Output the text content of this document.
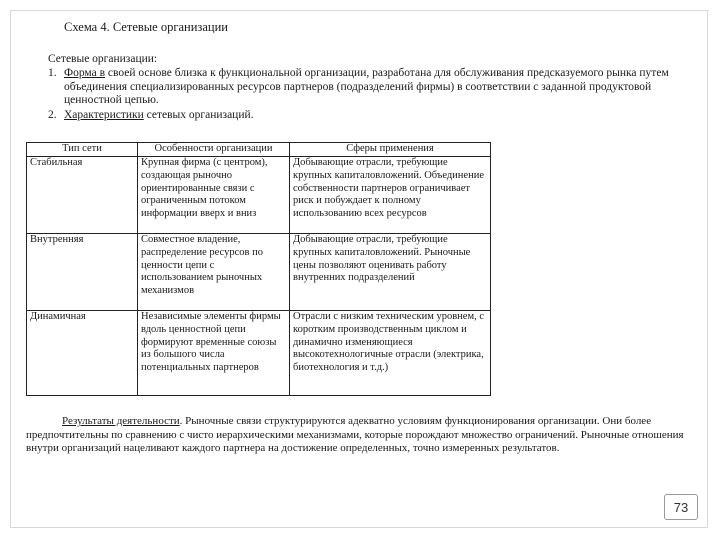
Схема 4. Сетевые организации
Сетевые организации:
1. Форма в своей основе близка к функциональной организации, разработана для обслуживания предсказуемого рынка путем объединения специализированных ресурсов партнеров (подразделений фирмы) в соответствии с заданной продуктовой ценностной цепью.
2. Характеристики сетевых организаций.
Тип сети	Особенности организации	Сферы применения
Стабильная	Крупная фирма (с центром), создающая рыночно ориентированные связи с ограниченным потоком информации вверх и вниз	Добывающие отрасли, требующие крупных капиталовложений. Объединение собственности партнеров ограничивает риск и побуждает к полному использованию всех ресурсов
Внутренняя	Совместное владение, распределение ресурсов по ценности цепи с использованием рыночных механизмов	Добывающие отрасли, требующие крупных капиталовложений. Рыночные цены позволяют оценивать работу внутренних подразделений
Динамичная	Независимые элементы фирмы вдоль ценностной цепи формируют временные союзы из большого числа потенциальных партнеров	Отрасли с низким техническим уровнем, с коротким производственным циклом и динамично изменяющиеся высокотехнологичные отрасли (электрика, биотехнология и т.д.)
Результаты деятельности. Рыночные связи структурируются адекватно условиям функционирования организации. Они более предпочтительны по сравнению с чисто иерархическими механизмами, которые порождают множество ограничений. Рыночные отношения внутри организаций нацеливают каждого партнера на достижение определенных, точно измеренных результатов.
73
